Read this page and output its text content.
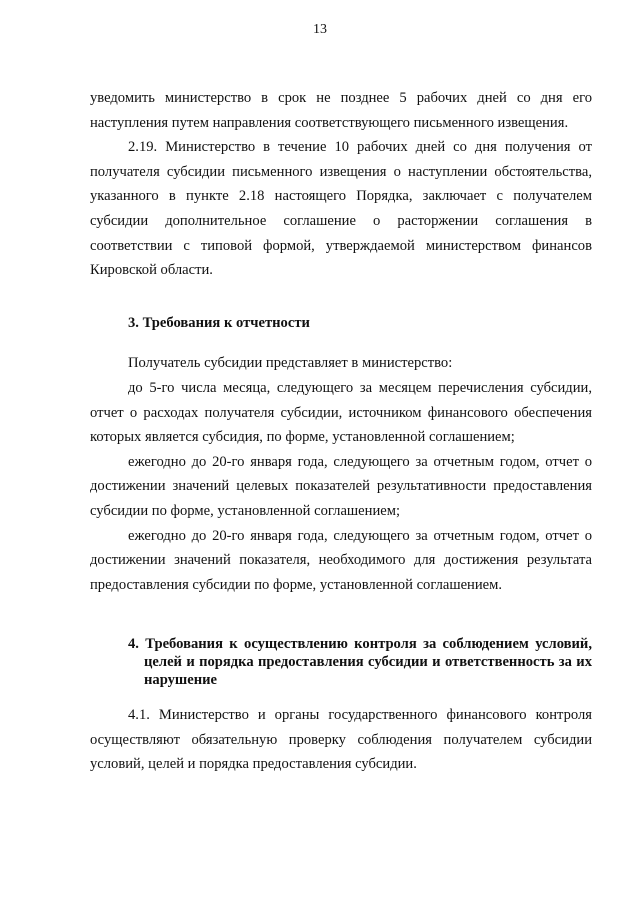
13

уведомить министерство в срок не позднее 5 рабочих дней со дня его наступления путем направления соответствующего письменного извещения.

2.19. Министерство в течение 10 рабочих дней со дня получения от получателя субсидии письменного извещения о наступлении обстоятельства, указанного в пункте 2.18 настоящего Порядка, заключает с получателем субсидии дополнительное соглашение о расторжении соглашения в соответствии с типовой формой, утверждаемой министерством финансов Кировской области.

3. Требования к отчетности

Получатель субсидии представляет в министерство:

до 5-го числа месяца, следующего за месяцем перечисления субсидии, отчет о расходах получателя субсидии, источником финансового обеспечения которых является субсидия, по форме, установленной соглашением;

ежегодно до 20-го января года, следующего за отчетным годом, отчет о достижении значений целевых показателей результативности предоставления субсидии по форме, установленной соглашением;

ежегодно до 20-го января года, следующего за отчетным годом, отчет о достижении значений показателя, необходимого для достижения результата предоставления субсидии по форме, установленной соглашением.

4. Требования к осуществлению контроля за соблюдением условий, целей и порядка предоставления субсидии и ответственность за их нарушение

4.1. Министерство и органы государственного финансового контроля осуществляют обязательную проверку соблюдения получателем субсидии условий, целей и порядка предоставления субсидии.
